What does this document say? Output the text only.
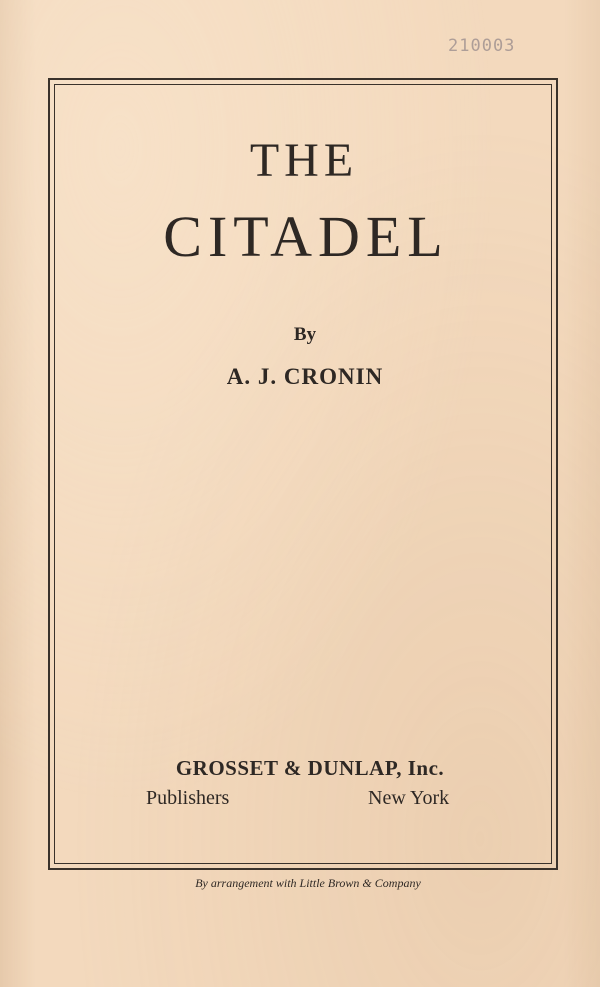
210003
THE
CITADEL
By
A. J. CRONIN
GROSSET & DUNLAP, Inc.
Publishers	New York
By arrangement with Little Brown & Company
